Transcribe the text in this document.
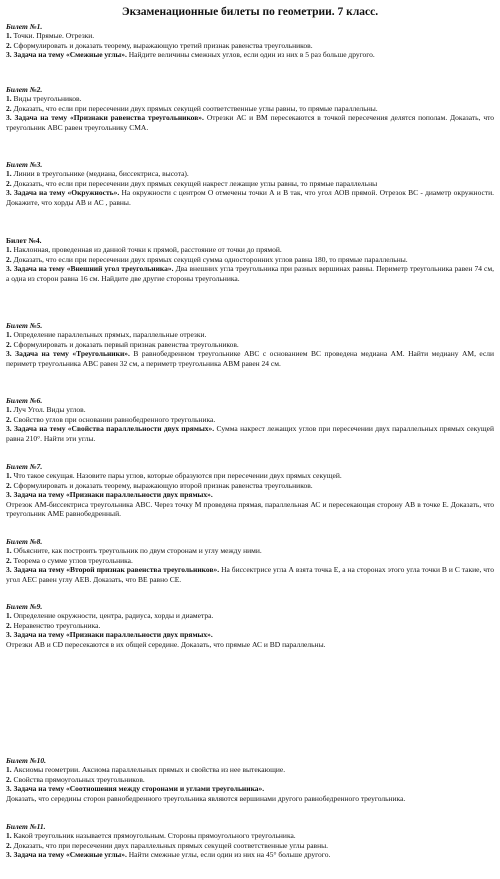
Экзаменационные билеты по геометрии. 7 класс.
Билет №1.

1. Точки. Прямые. Отрезки.

2. Сформулировать и доказать теорему, выражающую третий признак равенства треугольников.

3. Задача на тему «Смежные углы». Найдите величины смежных углов, если один из них в 5 раз больше другого.

Билет №2.

1. Виды треугольников.

2. Доказать, что если при пересечении двух прямых секущей соответственные углы равны, то прямые параллельны.

3. Задача на тему «Признаки равенства треугольников». Отрезки АС и ВМ пересекаются в точкой пересечения делятся пополам. Доказать, что треугольник АВС равен треугольнику СМА.

Билет №3.

1. Линии в треугольнике (медиана, биссектриса, высота).

2. Доказать, что если при пересечении двух прямых секущей накрест лежащие углы равны, то прямые параллельны

3. Задача на тему «Окружность». На окружности с центром О отмечены точки А и В так, что угол АОВ прямой. Отрезок ВС - диаметр окружности. Докажите, что хорды АВ и АС , равны.

Билет №4.

1. Наклонная, проведенная из данной точки к прямой, расстояние от точки до прямой.

2. Доказать, что если при пересечении двух прямых секущей сумма односторонних углов равна 180, то прямые параллельны.

3. Задача на тему «Внешний угол треугольника». Два внешних угла треугольника при разных вершинах равны. Периметр треугольника равен 74 см, а одна из сторон равна 16 см. Найдите две другие стороны треугольника.

Билет №5.

1. Определение параллельных прямых, параллельные отрезки.

2. Сформулировать и доказать первый признак равенства треугольников.

3. Задача на тему «Треугольники». В равнобедренном треугольнике АВС с основанием ВС проведена медиана АМ. Найти медиану АМ, если периметр треугольника АВС равен 32 см, а периметр треугольника АВМ равен 24 см.

Билет №6.

1. Луч Угол. Виды углов.

2. Свойство углов при основании равнобедренного треугольника.

3. Задача на тему «Свойства параллельности двух прямых». Сумма накрест лежащих углов при пересечении двух параллельных прямых секущей равна 210°. Найти эти углы.

Билет №7.

1. Что такое секущая. Назовите пары углов, которые образуются при пересечении двух прямых секущей.

2. Сформулировать и доказать теорему, выражающую второй признак равенства треугольников.

3. Задача на тему «Признаки параллельности двух прямых».

Отрезок АМ-биссектриса треугольника АВС. Через точку М проведена прямая, параллельная АС и пересекающая сторону АВ в точке Е. Доказать, что треугольник АМЕ равнобедренный.

Билет №8.

1. Объясните, как построить треугольник по двум сторонам и углу между ними.

2. Теорема о сумме углов треугольника.

3. Задача на тему «Второй признак равенства треугольников». На биссектрисе угла А взята точка Е, а на сторонах этого угла точки В и С такие, что угол АЕС равен углу АЕВ. Доказать, что ВЕ равно СЕ.

Билет №9.

1. Определение окружности, центра, радиуса, хорды и диаметра.

2. Неравенство треугольника.

3. Задача на тему «Признаки параллельности двух прямых».

Отрезки АВ и CD пересекаются в их общей середине. Доказать, что прямые АС и BD параллельны.

Билет №10.

1. Аксиомы геометрии. Аксиома параллельных прямых и свойства из нее вытекающие.

2. Свойства прямоугольных треугольников.

3. Задача на тему «Соотношения между сторонами и углами треугольника».

Доказать, что середины сторон равнобедренного треугольника являются вершинами другого равнобедренного треугольника.

Билет №11.

1. Какой треугольник называется прямоугольным. Стороны прямоугольного треугольника.

2. Доказать, что при пересечении двух параллельных прямых секущей соответственные углы равны.

3. Задача на тему «Смежные углы». Найти смежные углы, если один из них на 45° больше другого.
